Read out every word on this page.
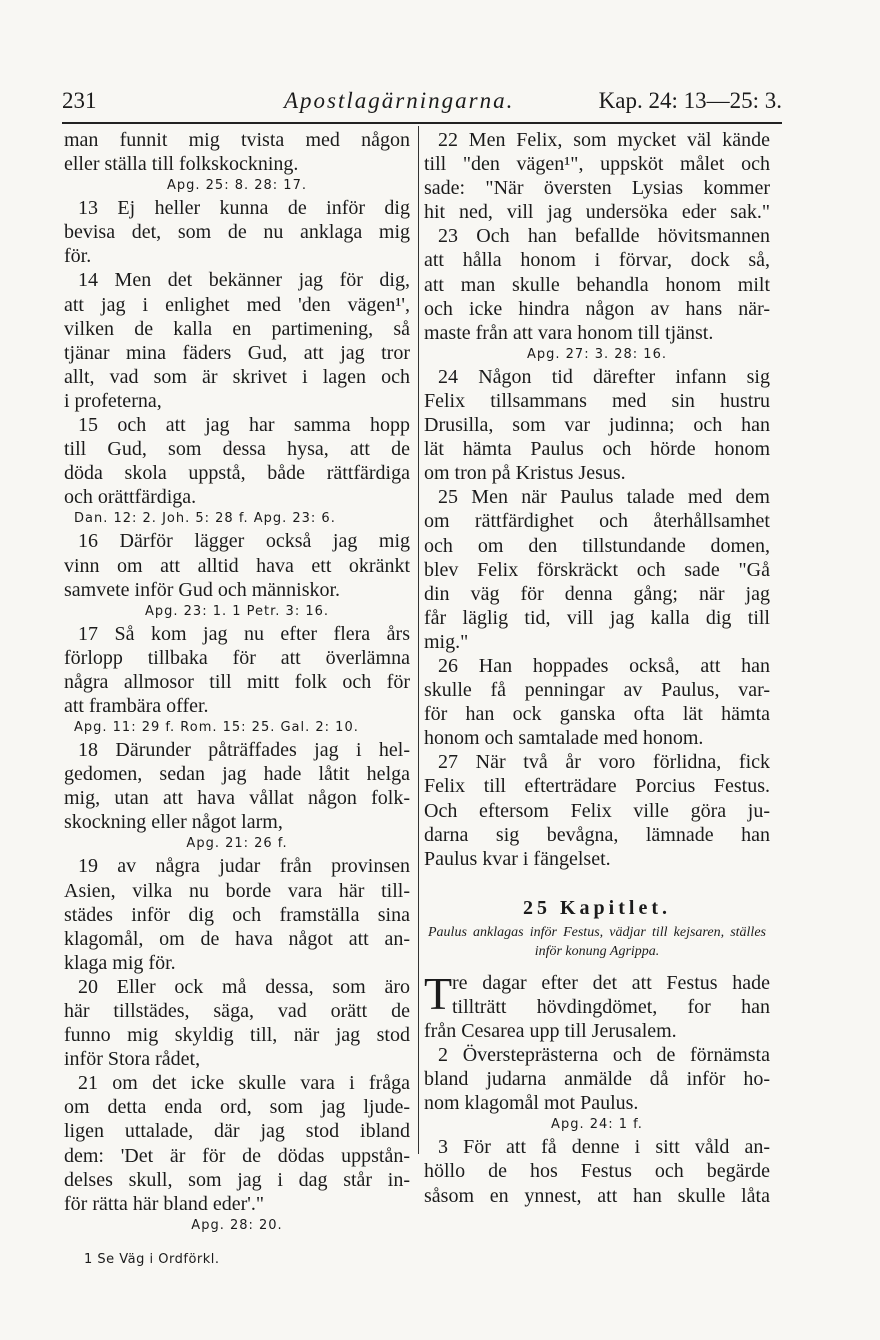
231	Apostlagärningarna.	Kap. 24: 13—25: 3.
man funnit mig tvista med någon
eller ställa till folkskockning.
Apg. 25: 8. 28: 17.
13 Ej heller kunna de inför dig
bevisa det, som de nu anklaga mig
för.
14 Men det bekänner jag för dig,
att jag i enlighet med 'den vägen¹',
vilken de kalla en partimening, så
tjänar mina fäders Gud, att jag tror
allt, vad som är skrivet i lagen och
i profeterna,
15 och att jag har samma hopp
till Gud, som dessa hysa, att de
döda skola uppstå, både rättfärdiga
och orättfärdiga.
Dan. 12: 2. Joh. 5: 28 f. Apg. 23: 6.
16 Därför lägger också jag mig
vinn om att alltid hava ett okränkt
samvete inför Gud och människor.
Apg. 23: 1. 1 Petr. 3: 16.
17 Så kom jag nu efter flera års
förlopp tillbaka för att överlämna
några allmosor till mitt folk och för
att frambära offer.
Apg. 11: 29 f. Rom. 15: 25. Gal. 2: 10.
18 Därunder påträffades jag i hel-
gedomen, sedan jag hade låtit helga
mig, utan att hava vållat någon folk-
skockning eller något larm,
Apg. 21: 26 f.
19 av några judar från provinsen
Asien, vilka nu borde vara här till-
städes inför dig och framställa sina
klagomål, om de hava något att an-
klaga mig för.
20 Eller ock må dessa, som äro
här tillstädes, säga, vad orätt de
funno mig skyldig till, när jag stod
inför Stora rådet,
21 om det icke skulle vara i fråga
om detta enda ord, som jag ljude-
ligen uttalade, där jag stod ibland
dem: 'Det är för de dödas uppstån-
delses skull, som jag i dag står in-
för rätta här bland eder'."
Apg. 28: 20.
1 Se Väg i Ordförkl.
22 Men Felix, som mycket väl kände
till "den vägen¹", uppsköt målet och
sade: "När översten Lysias kommer
hit ned, vill jag undersöka eder sak."
23 Och han befallde hövitsmannen
att hålla honom i förvar, dock så,
att man skulle behandla honom milt
och icke hindra någon av hans när-
maste från att vara honom till tjänst.
Apg. 27: 3. 28: 16.
24 Någon tid därefter infann sig
Felix tillsammans med sin hustru
Drusilla, som var judinna; och han
lät hämta Paulus och hörde honom
om tron på Kristus Jesus.
25 Men när Paulus talade med dem
om rättfärdighet och återhållsamhet
och om den tillstundande domen,
blev Felix förskräckt och sade "Gå
din väg för denna gång; när jag
får läglig tid, vill jag kalla dig till
mig."
26 Han hoppades också, att han
skulle få penningar av Paulus, var-
för han ock ganska ofta lät hämta
honom och samtalade med honom.
27 När två år voro förlidna, fick
Felix till efterträdare Porcius Festus.
Och eftersom Felix ville göra ju-
darna sig bevågna, lämnade han
Paulus kvar i fängelset.
25 Kapitlet.
Paulus anklagas inför Festus, vädjar till kejsaren, ställes inför konung Agrippa.
T re dagar efter det att Festus hade
tillträtt hövdingdömet, for han
från Cesarea upp till Jerusalem.
2 Översteprästerna och de förnämsta
bland judarna anmälde då inför ho-
nom klagomål mot Paulus.
Apg. 24: 1 f.
3 För att få denne i sitt våld an-
höllo de hos Festus och begärde
såsom en ynnest, att han skulle låta
